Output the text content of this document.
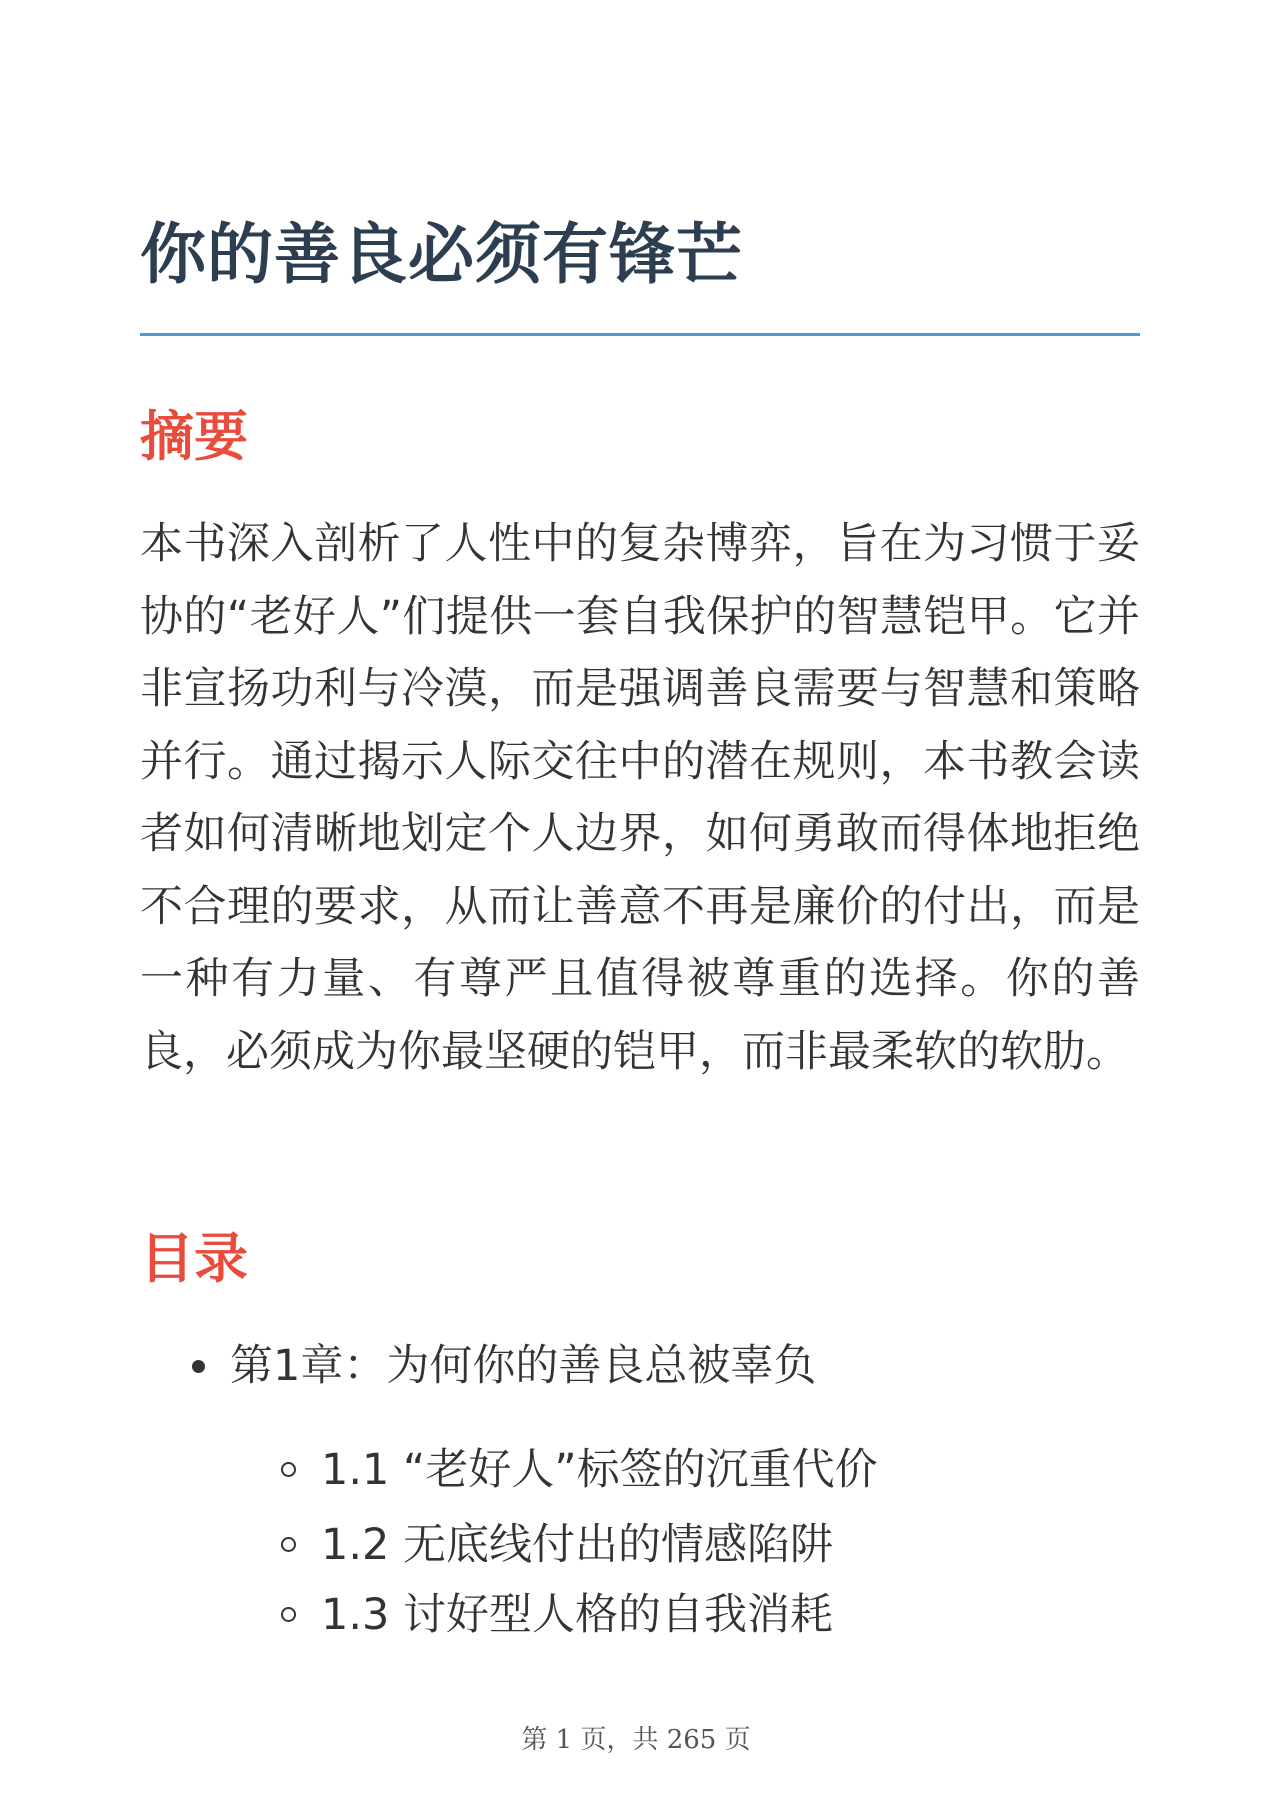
你的善良必须有锋芒
摘要

本书深入剖析了人性中的复杂博弈，旨在为习惯于妥协的“老好人”们提供一套自我保护的智慧铠甲。它并非宣扬功利与冷漠，而是强调善良需要与智慧和策略并行。通过揭示人际交往中的潜在规则，本书教会读者如何清晰地划定个人边界，如何勇敢而得体地拒绝不合理的要求，从而让善意不再是廉价的付出，而是一种有力量、有尊严且值得被尊重的选择。你的善良，必须成为你最坚硬的铠甲，而非最柔软的软肋。

目录
第1章：为何你的善良总被辜负
1.1 “老好人”标签的沉重代价
1.2 无底线付出的情感陷阱
1.3 讨好型人格的自我消耗
第 1 页，共 265 页
